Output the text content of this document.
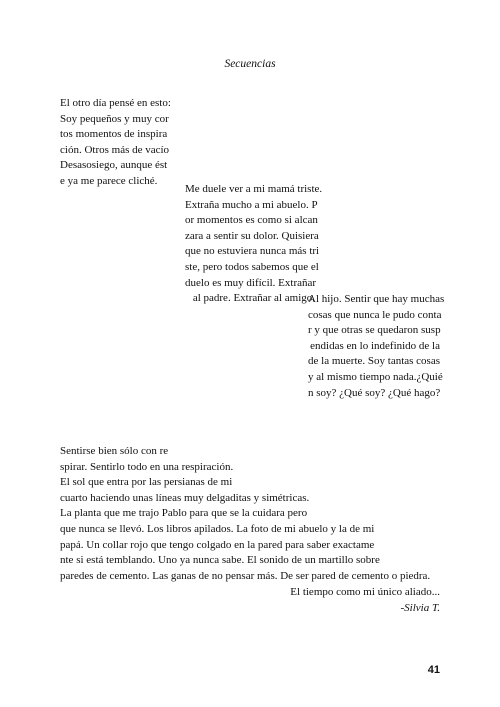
Secuencias
El otro día pensé en esto:
Soy pequeños y muy cor
tos momentos de inspira
ción. Otros más de vacío
Desasosiego, aunque ést
e ya me parece cliché.
Me duele ver a mi mamá triste.
Extraña mucho a mi abuelo. P
or momentos es como si alcan
zara a sentir su dolor. Quisiera
que no estuviera nunca más tri
ste, pero todos sabemos que el
duelo es muy difícil. Extrañar
al padre. Extrañar al amigo.
Al hijo. Sentir que hay muchas
cosas que nunca le pudo conta
r y que otras se quedaron susp
endidas en lo indefinido de la
de la muerte. Soy tantas cosas
y al mismo tiempo nada.¿Quié
n soy? ¿Qué soy? ¿Qué hago?
Sentirse bien sólo con re
spirar. Sentirlo todo en una respiración.
El sol que entra por las persianas de mi
cuarto haciendo unas líneas muy delgaditas y simétricas.
La planta que me trajo Pablo para que se la cuidara pero
que nunca se llevó. Los libros apilados. La foto de mi abuelo y la de mi
papá. Un collar rojo que tengo colgado en la pared para saber exactame
nte si está temblando. Uno ya nunca sabe. El sonido de un martillo sobre
paredes de cemento. Las ganas de no pensar más. De ser pared de cemento o piedra.
El tiempo como mi único aliado...
-Silvia T.
41
